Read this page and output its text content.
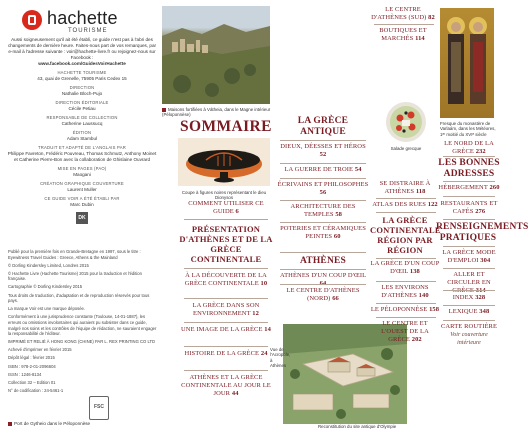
hachette
TOURISME

Aussi soigneusement qu'il ait été établi, ce guide n'est pas à l'abri des changements de dernière heure. Faites-nous part de vos remarques, par e-mail à l'adresse suivante : voir@hachette-livre.fr ou rejoignez-nous sur Facebook :

www.facebook.com/GuidesVoirHachette

HACHETTE TOURISME

43, quai de Grenelle, 75905 Paris Cedex 15

DIRECTION

Nathalie Bloch-Pujo

DIRECTION ÉDITORIALE

Cécile Petiau

RESPONSABLE DE COLLECTION

Catherine Laussucq

ÉDITION

Adam Stambul

TRADUIT ET ADAPTÉ DE L'ANGLAIS PAR

Philippe Favreton, Frédéric Pouvreau, Thomas Schmutz, Anthony Moinet et Catherine Pierre-Bon avec la collaboration de Ghislaine Ouvrard

MISE EN PAGES (PAO)

Maogani

CRÉATION GRAPHIQUE COUVERTURE

Laurent Muller

CE GUIDE VOIR A ÉTÉ ÉTABLI PAR

Marc Dubin

DK

Publié pour la première fois en Grande-Bretagne en 1997, sous le titre : Eyewitness Travel Guides : Greece, Athens & the Mainland

© Dorling Kindersley Limited, Londres 2015

© Hachette Livre (Hachette Tourisme) 2015 pour la traduction et l'édition française.

Cartographie © Dorling Kindersley 2015

Tous droits de traduction, d'adaptation et de reproduction réservés pour tous pays.

La marque Voir est une marque déposée.

Conformément à une jurisprudence constante (Toulouse, 14-01-1887), les erreurs ou omissions involontaires qui auraient pu subsister dans ce guide, malgré nos soins et les contrôles de l'équipe de rédaction, ne sauraient engager la responsabilité de l'éditeur.

IMPRIMÉ ET RELIÉ À HONG KONG (CHINE) PAR L. REX PRINTING CO LTD

Achevé d'imprimer en février 2015

Dépôt légal : février 2015

ISBN : 978-2-01-2096604

ISSN : 1246-8134

Collection 32 – Edition 01

N° de codification : 24-5461-1

FSC
Port de Gytheio dans le Péloponnèse
Maisons fortifiées à Vátheia, dans le Magne intérieur (Péloponnèse)
SOMMAIRE
Coupe à figures noires représentant le dieu Dionysos
Salade grecque
Fresque du monastère de Varlaám, dans les Météores, 1ᵉʳ moitié du XVIᵉ siècle
Vue de l'Acropole, à Athènes
Reconstitution du site antique d'Olympie
COMMENT UTILISER CE GUIDE 6
PRÉSENTATION D'ATHÈNES ET DE LA GRÈCE CONTINENTALE
À LA DÉCOUVERTE DE LA GRÈCE CONTINENTALE 10
LA GRÈCE DANS SON ENVIRONNEMENT 12
UNE IMAGE DE LA GRÈCE 14
HISTOIRE DE LA GRÈCE 24
ATHÈNES ET LA GRÈCE CONTINENTALE AU JOUR LE JOUR 44
LA GRÈCE ANTIQUE
DIEUX, DÉESSES ET HÉROS 52
LA GUERRE DE TROIE 54
ÉCRIVAINS ET PHILOSOPHES 56
ARCHITECTURE DES TEMPLES 58
POTERIES ET CÉRAMIQUES PEINTES 60
ATHÈNES
ATHÈNES D'UN COUP D'ŒIL 64
LE CENTRE D'ATHÈNES (NORD) 66
LE CENTRE D'ATHÈNES (SUD) 82
BOUTIQUES ET MARCHÉS 114
SE DISTRAIRE À ATHÈNES 118
ATLAS DES RUES 122
LA GRÈCE CONTINENTALE RÉGION PAR RÉGION
LA GRÈCE D'UN COUP D'ŒIL 138
LES ENVIRONS D'ATHÈNES 140
LE PÉLOPONNÈSE 158
LE CENTRE ET L'OUEST DE LA GRÈCE 202
LE NORD DE LA GRÈCE 232
LES BONNES ADRESSES
HÉBERGEMENT 260
RESTAURANTS ET CAFÉS 276
RENSEIGNEMENTS PRATIQUES
LA GRÈCE MODE D'EMPLOI 304
ALLER ET CIRCULER EN GRÈCE 314
INDEX 328
LEXIQUE 348
CARTE ROUTIÈRE
Voir couverture intérieure
